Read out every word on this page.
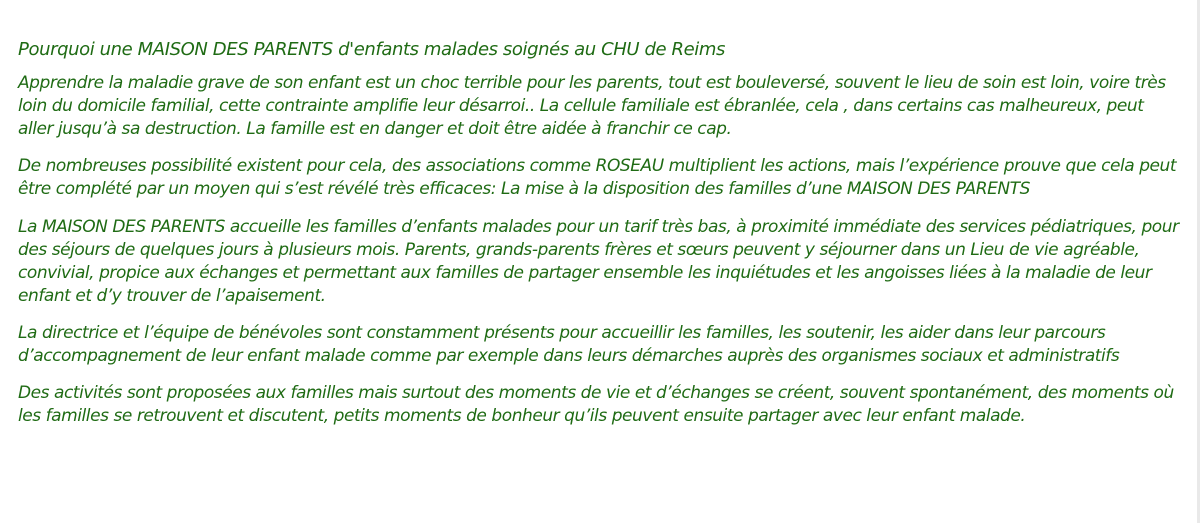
Pourquoi une MAISON DES PARENTS d'enfants malades soignés au CHU de Reims

Apprendre la maladie grave de son enfant est un choc terrible pour les parents, tout est bouleversé, souvent le lieu de soin est loin, voire très loin du domicile familial, cette contrainte amplifie leur désarroi.. La cellule familiale est ébranlée, cela , dans certains cas malheureux, peut aller jusqu’à sa destruction. La famille est en danger et doit être aidée à franchir ce cap.

De nombreuses possibilité existent pour cela, des associations comme ROSEAU multiplient les actions, mais l’expérience prouve que cela peut être complété par un moyen qui s’est révélé très efficaces: La mise à la disposition des familles d’une MAISON DES PARENTS

La MAISON DES PARENTS accueille les familles d’enfants malades pour un tarif très bas, à proximité immédiate des services pédiatriques, pour des séjours de quelques jours à plusieurs mois. Parents, grands-parents frères et sœurs peuvent y séjourner dans un Lieu de vie agréable, convivial, propice aux échanges et permettant aux familles de partager ensemble les inquiétudes et les angoisses liées à la maladie de leur enfant et d’y trouver de l’apaisement.

La directrice et l’équipe de bénévoles sont constamment présents pour accueillir les familles, les soutenir, les aider dans leur parcours d’accompagnement de leur enfant malade comme par exemple dans leurs démarches auprès des organismes sociaux et administratifs

Des activités sont proposées aux familles mais surtout des moments de vie et d’échanges se créent, souvent spontanément, des moments où les familles se retrouvent et discutent, petits moments de bonheur qu’ils peuvent ensuite partager avec leur enfant malade.
